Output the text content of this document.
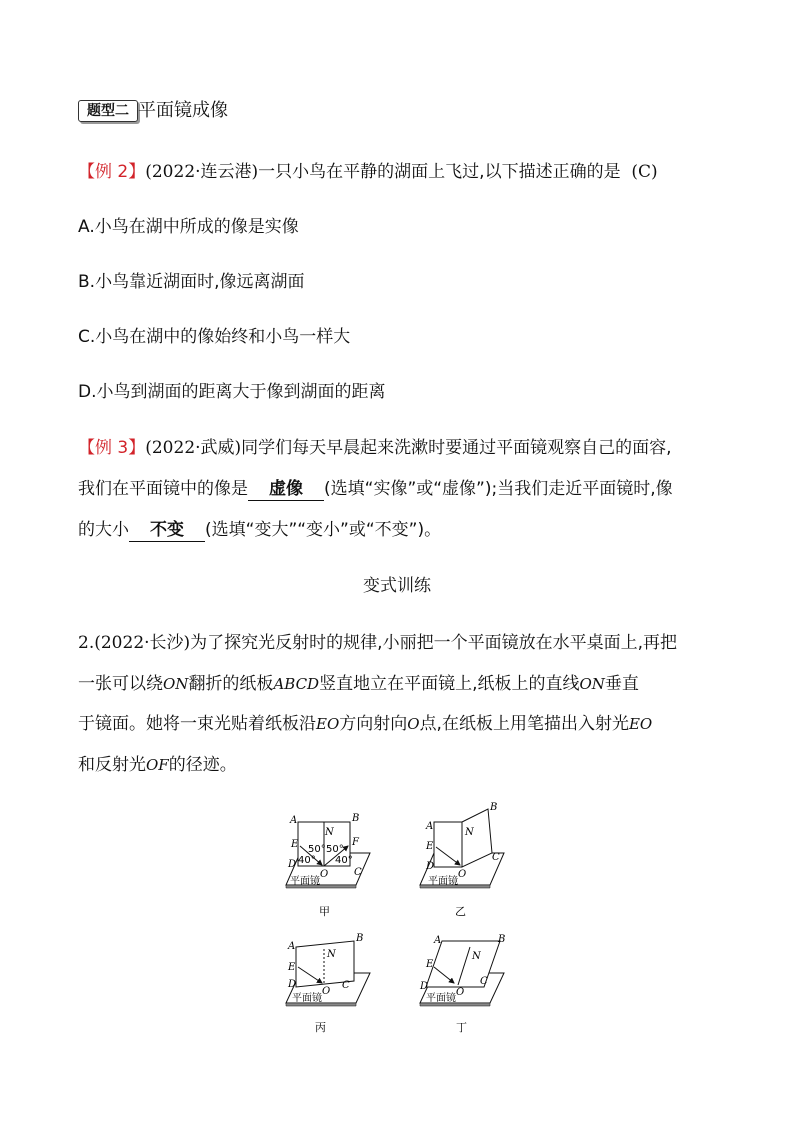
题型二 平面镜成像
【例 2】(2022·连云港)一只小鸟在平静的湖面上飞过,以下描述正确的是 (C)
A.小鸟在湖中所成的像是实像
B.小鸟靠近湖面时,像远离湖面
C.小鸟在湖中的像始终和小鸟一样大
D.小鸟到湖面的距离大于像到湖面的距离
【例 3】(2022·武威)同学们每天早晨起来洗漱时要通过平面镜观察自己的面容,
我们在平面镜中的像是 虚像 (选填“实像”或“虚像”);当我们走近平面镜时,像
的大小 不变 (选填“变大”“变小”或“不变”)。
变式训练
2.(2022·长沙)为了探究光反射时的规律,小丽把一个平面镜放在水平桌面上,再把
一张可以绕ON翻折的纸板ABCD竖直地立在平面镜上,纸板上的直线ON垂直
于镜面。她将一束光贴着纸板沿EO方向射向O点,在纸板上用笔描出入射光EO
和反射光OF的径迹。
A	B
N
E	F
D
C
O
50° 50°
40° 40°
平面镜
甲
A
B
N
E
D
C
O
平面镜
乙
A
B
N
E
D	C
O
平面镜
丙
A	B
N
E
D	C
O
平面镜
丁
